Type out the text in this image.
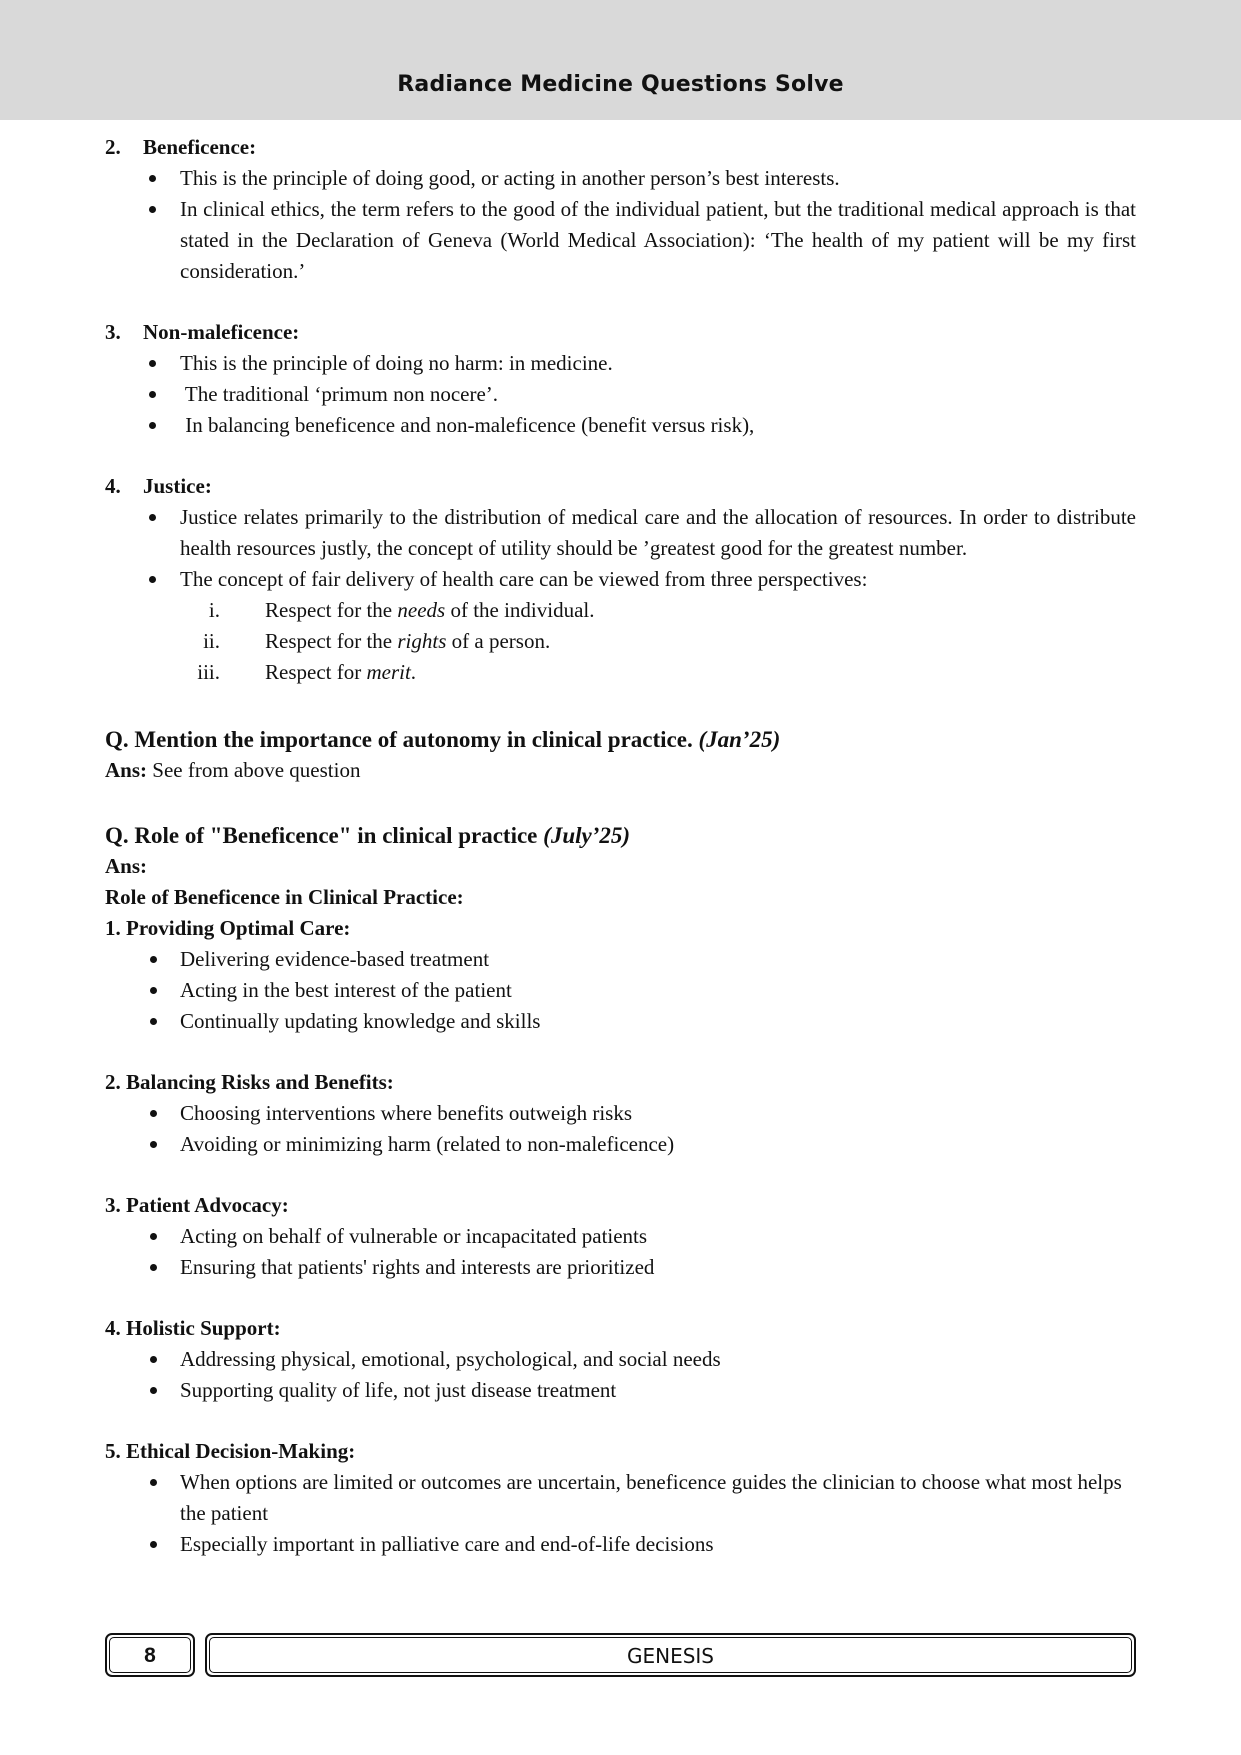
Radiance Medicine Questions Solve
2.	Beneficence:
This is the principle of doing good, or acting in another person’s best interests.
In clinical ethics, the term refers to the good of the individual patient, but the traditional medical approach is that stated in the Declaration of Geneva (World Medical Association): ‘The health of my patient will be my first consideration.’
3.	Non-maleficence:
This is the principle of doing no harm: in medicine.
The traditional ‘primum non nocere’.
In balancing beneficence and non-maleficence (benefit versus risk),
4.	Justice:
Justice relates primarily to the distribution of medical care and the allocation of resources. In order to distribute health resources justly, the concept of utility should be ’greatest good for the greatest number.
The concept of fair delivery of health care can be viewed from three perspectives:
i.	Respect for the needs of the individual.
ii.	Respect for the rights of a person.
iii.	Respect for merit.
Q. Mention the importance of autonomy in clinical practice. (Jan’25)
Ans: See from above question
Q. Role of "Beneficence" in clinical practice (July’25)
Ans:
Role of Beneficence in Clinical Practice:
1. Providing Optimal Care:
Delivering evidence-based treatment
Acting in the best interest of the patient
Continually updating knowledge and skills
2. Balancing Risks and Benefits:
Choosing interventions where benefits outweigh risks
Avoiding or minimizing harm (related to non-maleficence)
3. Patient Advocacy:
Acting on behalf of vulnerable or incapacitated patients
Ensuring that patients' rights and interests are prioritized
4. Holistic Support:
Addressing physical, emotional, psychological, and social needs
Supporting quality of life, not just disease treatment
5. Ethical Decision-Making:
When options are limited or outcomes are uncertain, beneficence guides the clinician to choose what most helps the patient
Especially important in palliative care and end-of-life decisions
8	GENESIS
